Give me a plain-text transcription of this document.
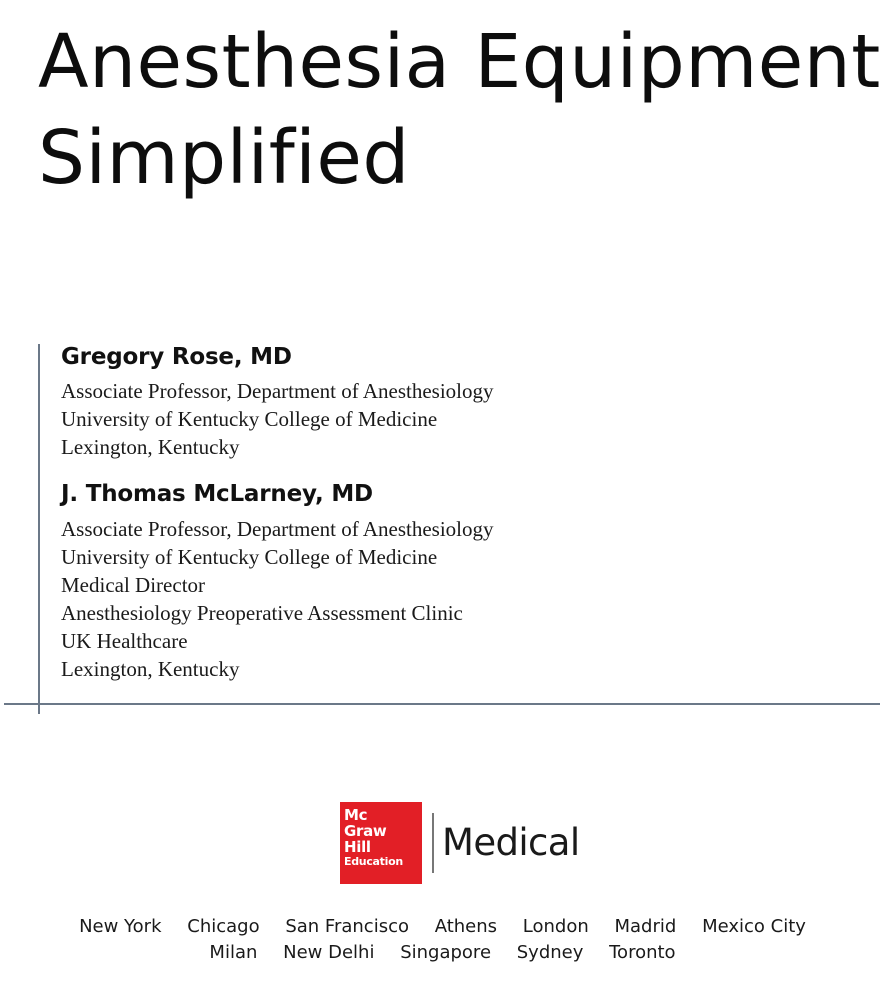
Anesthesia Equipment
Simplified
Gregory Rose, MD
Associate Professor, Department of Anesthesiology
University of Kentucky College of Medicine
Lexington, Kentucky
J. Thomas McLarney, MD
Associate Professor, Department of Anesthesiology
University of Kentucky College of Medicine
Medical Director
Anesthesiology Preoperative Assessment Clinic
UK Healthcare
Lexington, Kentucky
Mc
Graw
Hill
Education Medical
New York Chicago San Francisco Athens London Madrid Mexico City
Milan New Delhi Singapore Sydney Toronto
